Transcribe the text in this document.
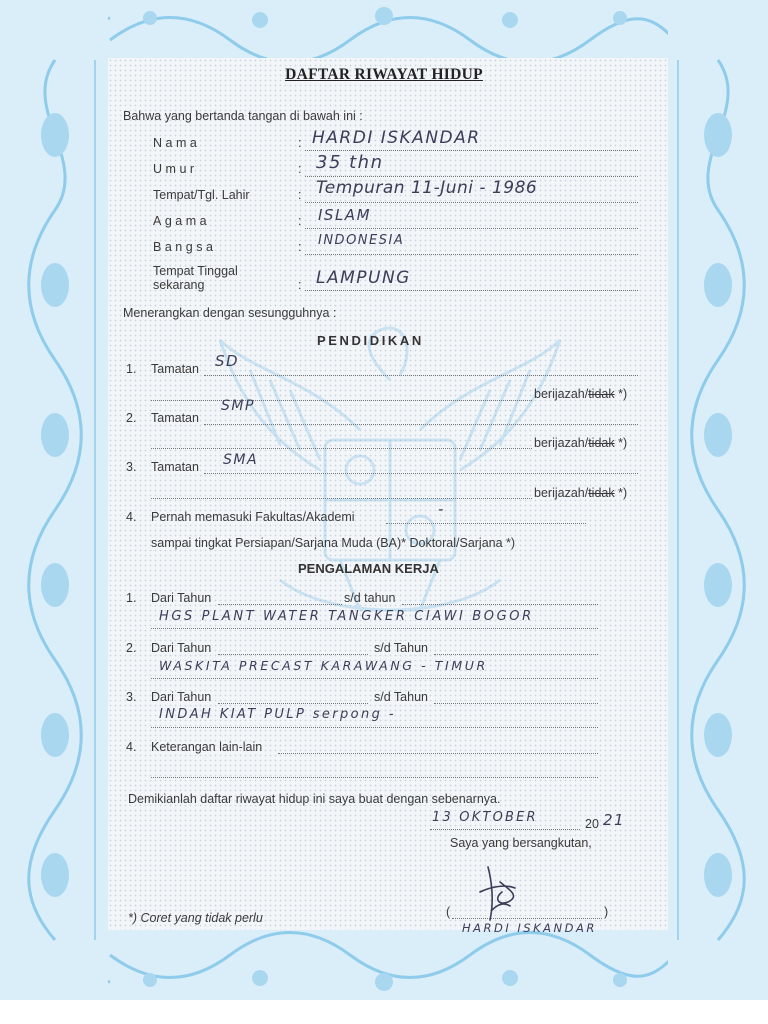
DAFTAR RIWAYAT HIDUP
Bahwa yang bertanda tangan di bawah ini :
Nama	: HARDI ISKANDAR
Umur	: 35 thn
Tempat/Tgl. Lahir	: Tempuran 11-Juni - 1986
Agama	: ISLAM
Bangsa	: INDONESIA
Tempat Tinggal
sekarang	: LAMPUNG
Menerangkan dengan sesungguhnya :
PENDIDIKAN
1. Tamatan SD
berijazah/tidak *)
2. Tamatan
SMP
berijazah/tidak *)
3. Tamatan SMA
berijazah/tidak *)
4. Pernah memasuki Fakultas/Akademi	-
sampai tingkat Persiapan/Sarjana Muda (BA)* Doktoral/Sarjana *)
PENGALAMAN KERJA
1. Dari Tahun	s/d tahun
HGS PLANT WATER TANGKER CIAWI BOGOR
2. Dari Tahun	s/d Tahun
WASKITA PRECAST KARAWANG - TIMUR
3. Dari Tahun	s/d Tahun
INDAH KIAT PULP serpong -
4. Keterangan lain-lain
Demikianlah daftar riwayat hidup ini saya buat dengan sebenarnya.
13 OKTOBER	20 21
Saya yang bersangkutan,
(	)
HARDI ISKANDAR
*) Coret yang tidak perlu
